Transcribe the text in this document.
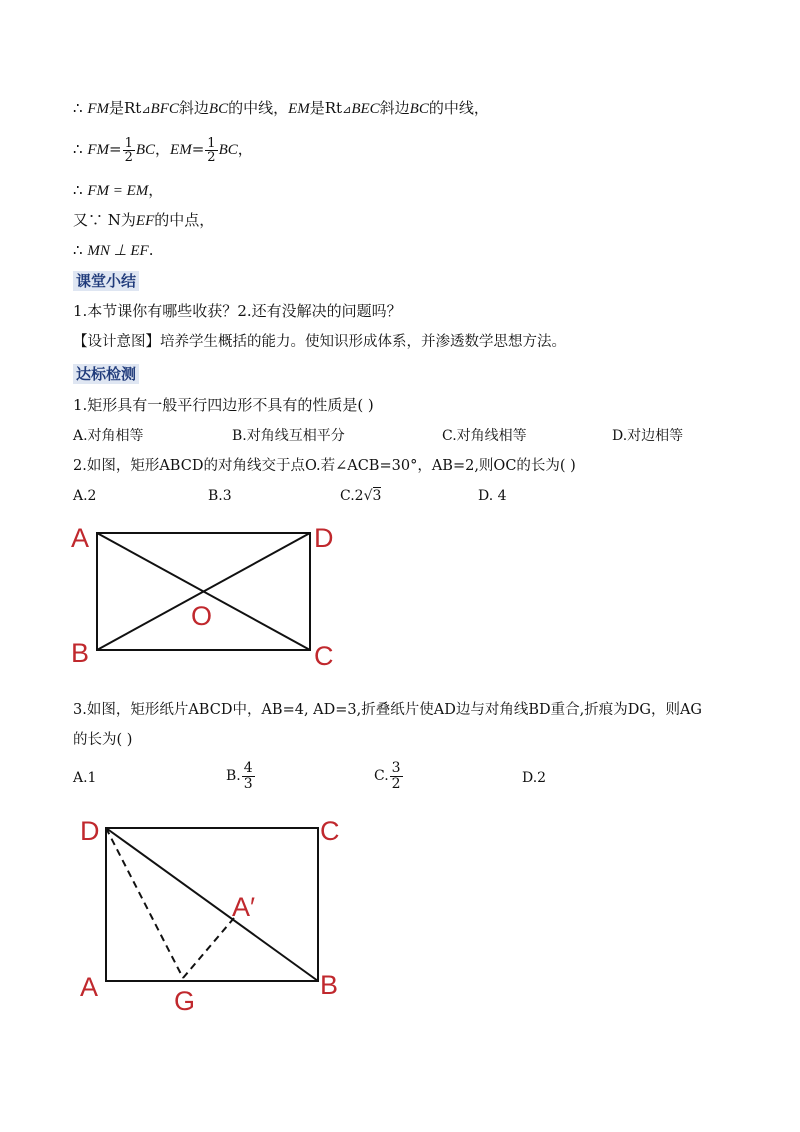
∴ FM是Rt⊿BFC斜边BC的中线，EM是Rt⊿BEC斜边BC的中线，
∴ $FM= \frac{1}{2}$ BC，$EM= \frac{1}{2}$ BC，
∴ FM = EM，
又∵ N为EF的中点，
∴ MN ⊥ EF.
课堂小结
1.本节课你有哪些收获？2.还有没解决的问题吗？
【设计意图】培养学生概括的能力。使知识形成体系，并渗透数学思想方法。
达标检测
1.矩形具有一般平行四边形不具有的性质是( )
A.对角相等	B.对角线互相平分	C.对角线相等	D.对边相等
2.如图，矩形ABCD的对角线交于点O.若∠ACB=30°，AB=2,则OC的长为( )
A.2	B.3	C.2√3	D. 4
A	D
B	C
O
3.如图，矩形纸片ABCD中，AB=4, AD=3,折叠纸片使AD边与对角线BD重合,折痕为DG，则AG
的长为( )
A.1	B. $\frac{4}{3}$	C. $\frac{3}{2}$	D.2
D	C
A′
A	G
B
